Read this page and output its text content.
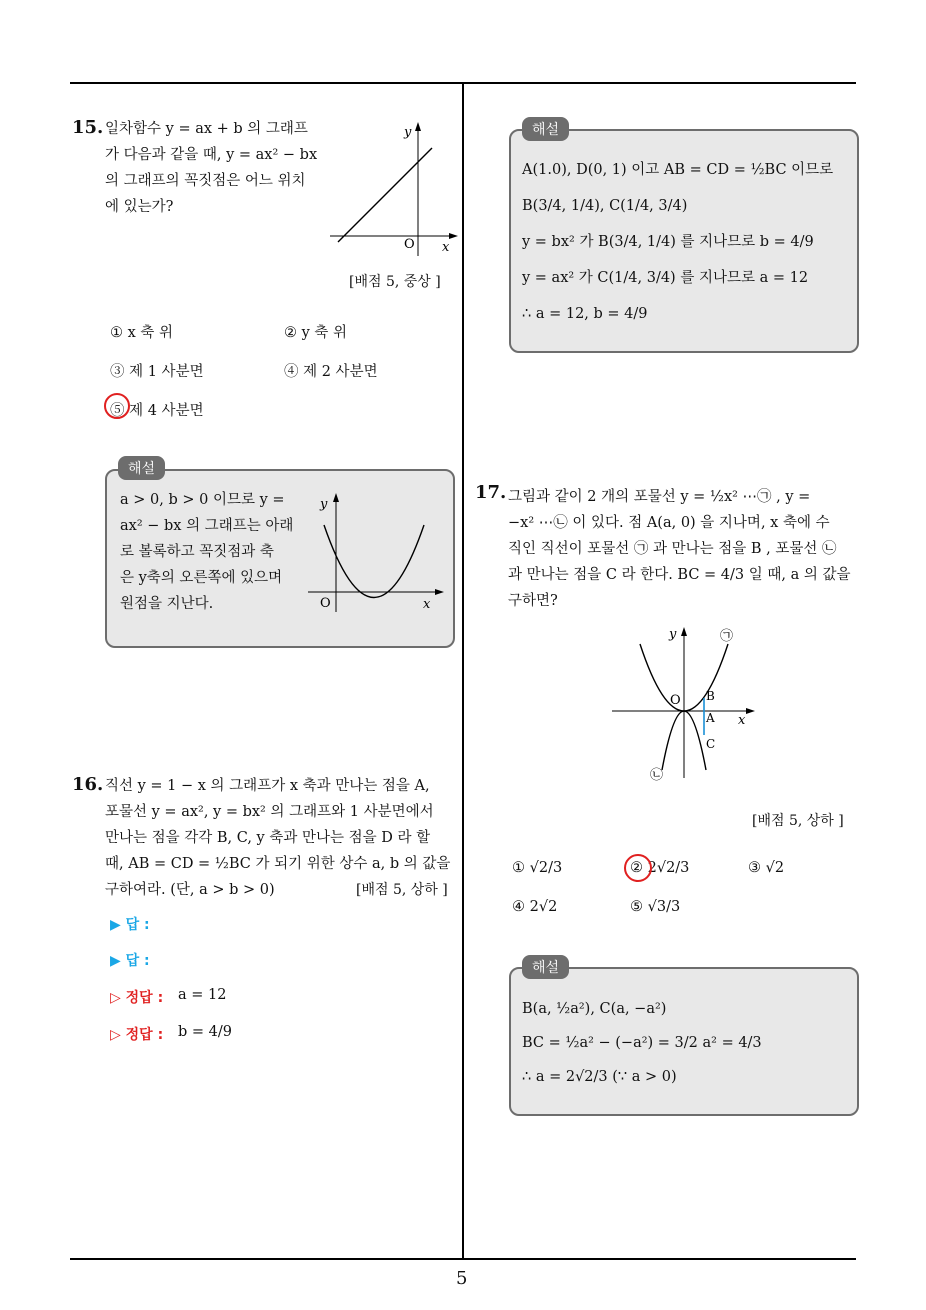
15. 일차함수 y = ax + b 의 그래프
가 다음과 같을 때, y = ax² − bx
의 그래프의 꼭짓점은 어느 위치
에 있는가?
y
x
O
[배점 5, 중상 ]
① x 축 위	② y 축 위
③ 제 1 사분면	④ 제 2 사분면
⑤ 제 4 사분면
해설
a > 0, b > 0 이므로 y =
ax² − bx 의 그래프는 아래
로 볼록하고 꼭짓점과 축
은 y축의 오른쪽에 있으며
원점을 지난다.
y
x
O
16. 직선 y = 1 − x 의 그래프가 x 축과 만나는 점을 A,
포물선 y = ax², y = bx² 의 그래프와 1 사분면에서
만나는 점을 각각 B, C, y 축과 만나는 점을 D 라 할
때, AB = CD = ½BC 가 되기 위한 상수 a, b 의 값을
구하여라. (단, a > b > 0)	[배점 5, 상하 ]
▶ 답 :
▶ 답 :
▷ 정답 : a = 12
▷ 정답 : b = 4/9
해설
A(1.0), D(0, 1) 이고 AB = CD = ½BC 이므로
B(3/4, 1/4), C(1/4, 3/4)
y = bx² 가 B(3/4, 1/4) 를 지나므로 b = 4/9
y = ax² 가 C(1/4, 3/4) 를 지나므로 a = 12
∴ a = 12, b = 4/9
17. 그림과 같이 2 개의 포물선 y = ½x² ⋯㉠ , y =
−x² ⋯㉡ 이 있다. 점 A(a, 0) 을 지나며, x 축에 수
직인 직선이 포물선 ㉠ 과 만나는 점을 B , 포물선 ㉡
과 만나는 점을 C 라 한다. BC = 4/3 일 때, a 의 값을
구하면?
y
x
O
㉠
㉡
B
A
C
[배점 5, 상하 ]
① √2/3	② 2√2/3	③ √2
④ 2√2	⑤ √3/3
해설
B(a, ½a²), C(a, −a²)
BC = ½a² − (−a²) = 3/2 a² = 4/3
∴ a = 2√2/3 (∵ a > 0)
5
